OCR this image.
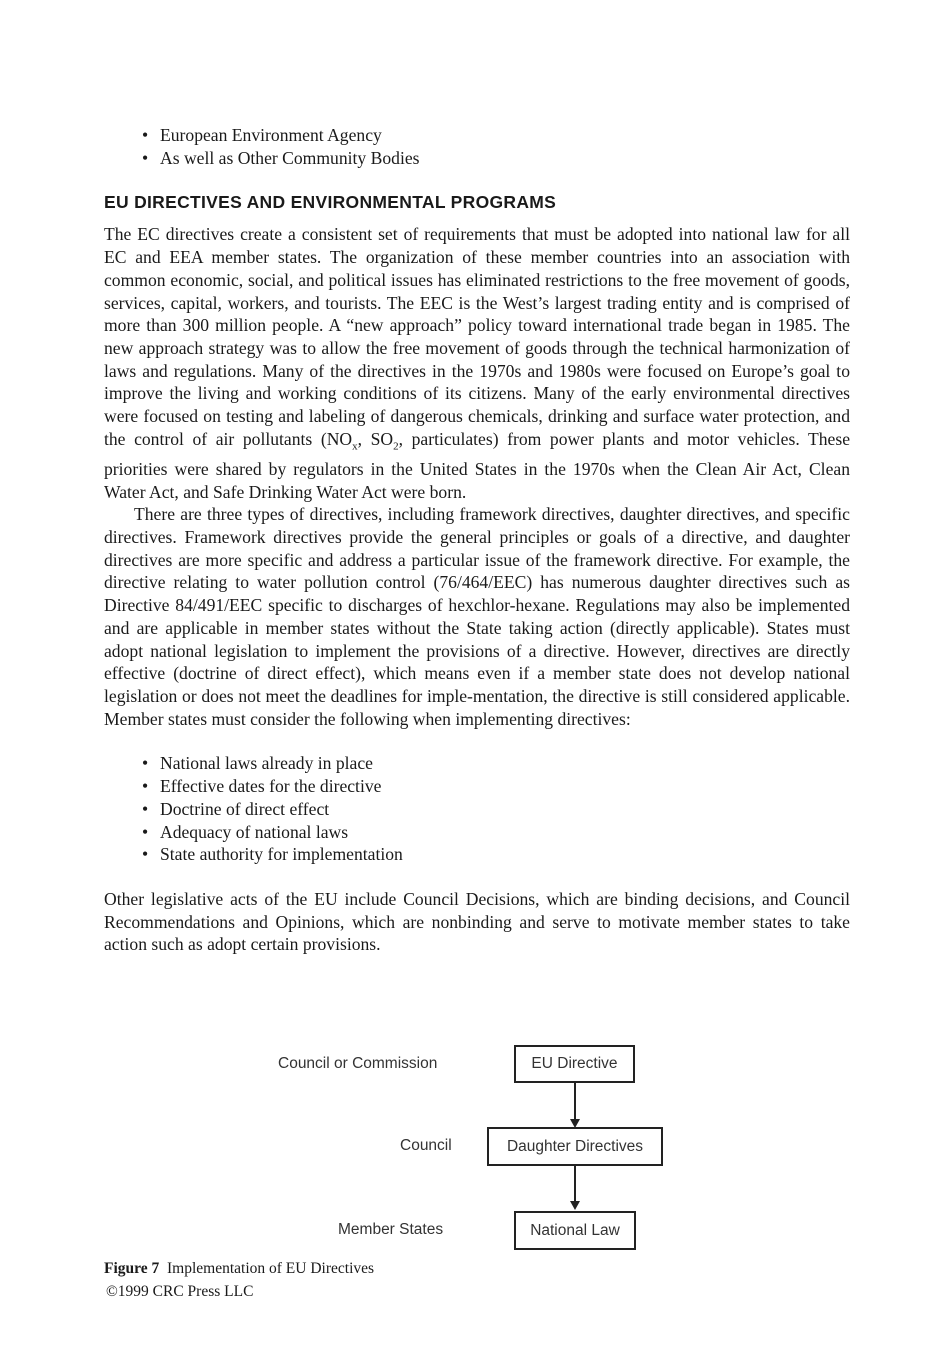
• European Environment Agency
• As well as Other Community Bodies
EU DIRECTIVES AND ENVIRONMENTAL PROGRAMS

The EC directives create a consistent set of requirements that must be adopted into national law for all EC and EEA member states. The organization of these member countries into an association with common economic, social, and political issues has eliminated restrictions to the free movement of goods, services, capital, workers, and tourists. The EEC is the West’s largest trading entity and is comprised of more than 300 million people. A “new approach” policy toward international trade began in 1985. The new approach strategy was to allow the free movement of goods through the technical harmonization of laws and regulations. Many of the directives in the 1970s and 1980s were focused on Europe’s goal to improve the living and working conditions of its citizens. Many of the early environmental directives were focused on testing and labeling of dangerous chemicals, drinking and surface water protection, and the control of air pollutants ($NO_x$, $SO_2$, particulates) from power plants and motor vehicles. These priorities were shared by regulators in the United States in the 1970s when the Clean Air Act, Clean Water Act, and Safe Drinking Water Act were born.

There are three types of directives, including framework directives, daughter directives, and specific directives. Framework directives provide the general principles or goals of a directive, and daughter directives are more specific and address a particular issue of the framework directive. For example, the directive relating to water pollution control (76/464/EEC) has numerous daughter directives such as Directive 84/491/EEC specific to discharges of hexchlor-hexane. Regulations may also be implemented and are applicable in member states without the State taking action (directly applicable). States must adopt national legislation to implement the provisions of a directive. However, directives are directly effective (doctrine of direct effect), which means even if a member state does not develop national legislation or does not meet the deadlines for imple-mentation, the directive is still considered applicable. Member states must consider the following when implementing directives:

• National laws already in place
• Effective dates for the directive
• Doctrine of direct effect
• Adequacy of national laws
• State authority for implementation

Other legislative acts of the EU include Council Decisions, which are binding decisions, and Council Recommendations and Opinions, which are nonbinding and serve to motivate member states to take action such as adopt certain provisions.

Council or Commission	EU Directive
Council	Daughter Directives
Member States	National Law
Figure 7 Implementation of EU Directives
©1999 CRC Press LLC
